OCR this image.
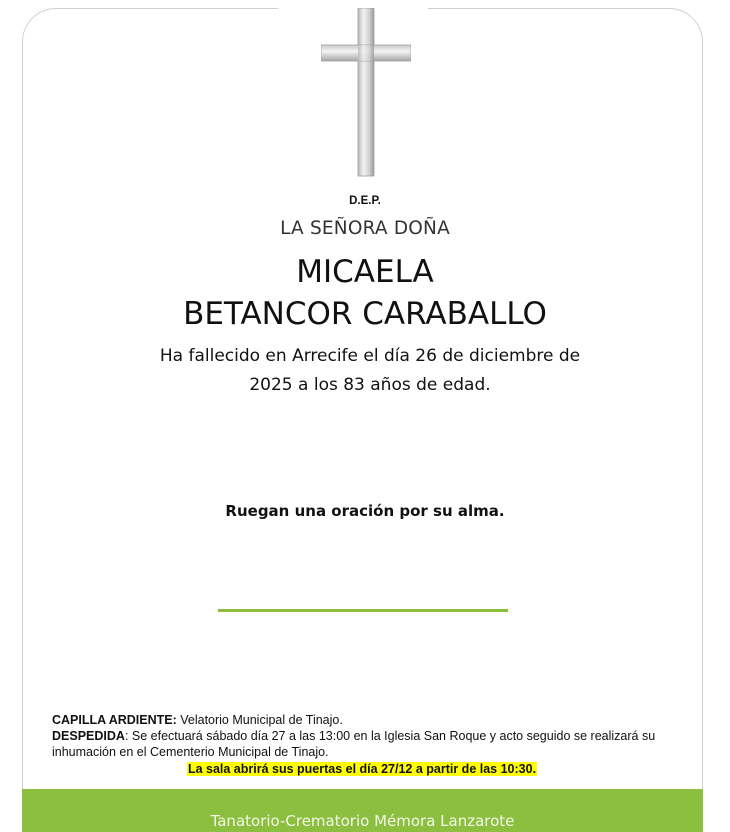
D.E.P.
LA SEÑORA DOÑA
MICAELA
BETANCOR CARABALLO
Ha fallecido en Arrecife el día 26 de diciembre de
2025 a los 83 años de edad.
Ruegan una oración por su alma.
CAPILLA ARDIENTE: Velatorio Municipal de Tinajo.
DESPEDIDA: Se efectuará sábado día 27 a las 13:00 en la Iglesia San Roque y acto seguido se realizará su inhumación en el Cementerio Municipal de Tinajo.
La sala abrirá sus puertas el día 27/12 a partir de las 10:30.
Tanatorio-Crematorio Mémora Lanzarote
